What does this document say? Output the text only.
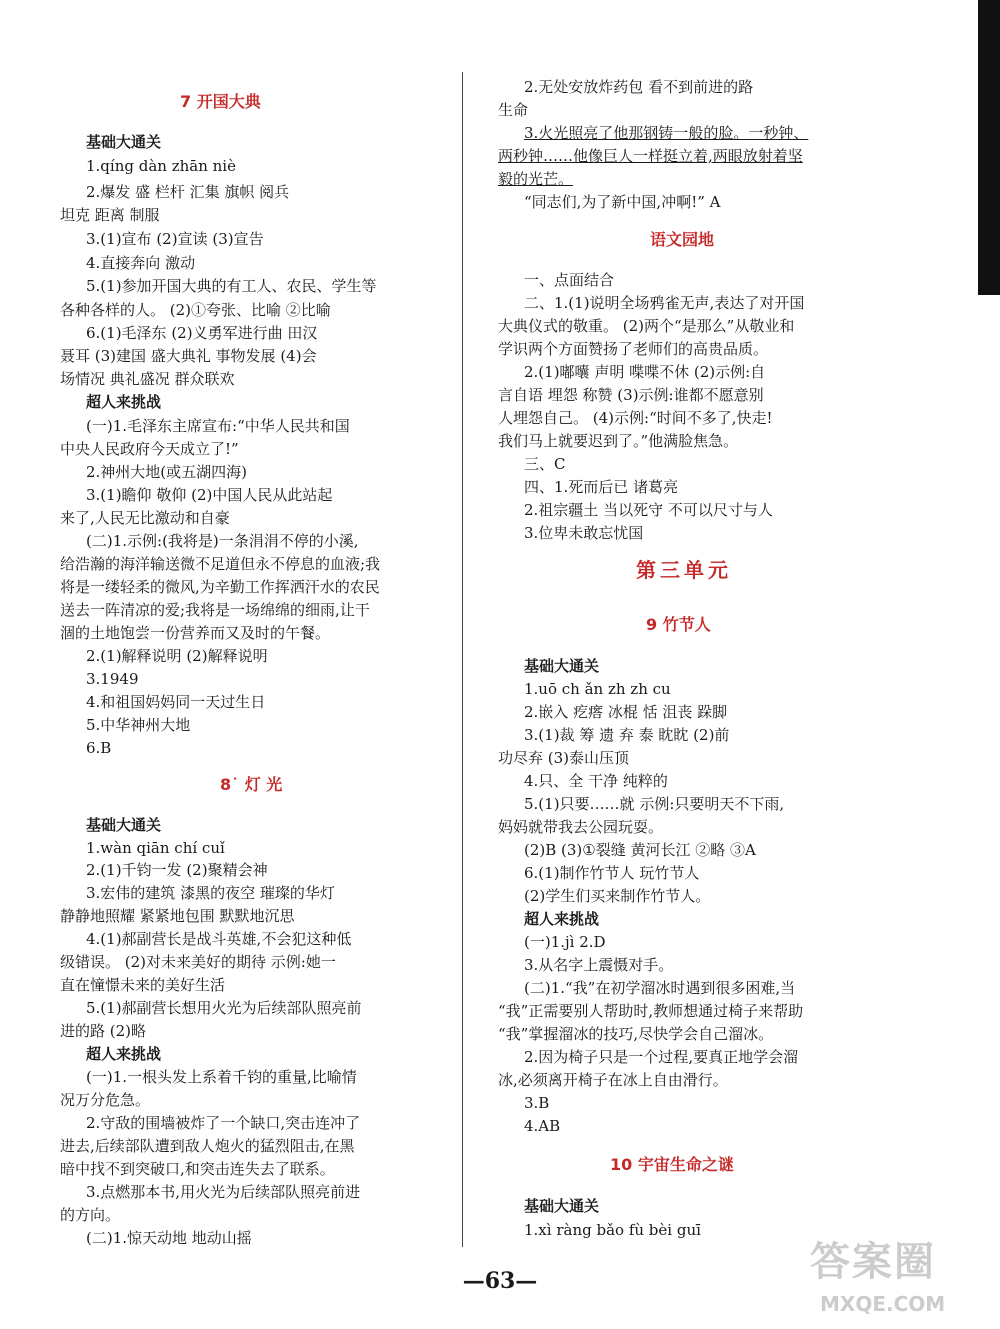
7 开国大典
基础大通关
1.qíng dàn zhān niè
2.爆发 盛 栏杆 汇集 旗帜 阅兵
坦克 距离 制服
3.(1)宣布 (2)宣读 (3)宣告
4.直接奔向 激动
5.(1)参加开国大典的有工人、农民、学生等
各种各样的人。 (2)①夸张、比喻 ②比喻
6.(1)毛泽东 (2)义勇军进行曲 田汉
聂耳 (3)建国 盛大典礼 事物发展 (4)会
场情况 典礼盛况 群众联欢
超人来挑战
(一)1.毛泽东主席宣布:“中华人民共和国
中央人民政府今天成立了!”
2.神州大地(或五湖四海)
3.(1)瞻仰 敬仰 (2)中国人民从此站起
来了,人民无比激动和自豪
(二)1.示例:(我将是)一条涓涓不停的小溪,
给浩瀚的海洋输送微不足道但永不停息的血液;我
将是一缕轻柔的微风,为辛勤工作挥洒汗水的农民
送去一阵清凉的爱;我将是一场绵绵的细雨,让干
涸的土地饱尝一份营养而又及时的午餐。
2.(1)解释说明 (2)解释说明
3.1949
4.和祖国妈妈同一天过生日
5.中华神州大地
6.B
8˙ 灯 光
基础大通关
1.wàn qiān chí cuǐ
2.(1)千钧一发 (2)聚精会神
3.宏伟的建筑 漆黑的夜空 璀璨的华灯
静静地照耀 紧紧地包围 默默地沉思
4.(1)郝副营长是战斗英雄,不会犯这种低
级错误。 (2)对未来美好的期待 示例:她一
直在憧憬未来的美好生活
5.(1)郝副营长想用火光为后续部队照亮前
进的路 (2)略
超人来挑战
(一)1.一根头发上系着千钧的重量,比喻情
况万分危急。
2.守敌的围墙被炸了一个缺口,突击连冲了
进去,后续部队遭到敌人炮火的猛烈阻击,在黑
暗中找不到突破口,和突击连失去了联系。
3.点燃那本书,用火光为后续部队照亮前进
的方向。
(二)1.惊天动地 地动山摇
2.无处安放炸药包 看不到前进的路
生命
3.火光照亮了他那钢铸一般的脸。一秒钟、
两秒钟……他像巨人一样挺立着,两眼放射着坚
毅的光芒。
“同志们,为了新中国,冲啊!” A
语文园地
一、点面结合
二、1.(1)说明全场鸦雀无声,表达了对开国
大典仪式的敬重。 (2)两个“是那么”从敬业和
学识两个方面赞扬了老师们的高贵品质。
2.(1)嘟囔 声明 喋喋不休 (2)示例:自
言自语 埋怨 称赞 (3)示例:谁都不愿意别
人埋怨自己。 (4)示例:“时间不多了,快走!
我们马上就要迟到了。”他满脸焦急。
三、C
四、1.死而后已 诸葛亮
2.祖宗疆土 当以死守 不可以尺寸与人
3.位卑未敢忘忧国
第三单元
9 竹节人
基础大通关
1.uō ch ǎn zh zh cu
2.嵌入 疙瘩 冰棍 恬 沮丧 跺脚
3.(1)裁 筹 遗 弃 泰 眈眈 (2)前
功尽弃 (3)泰山压顶
4.只、全 干净 纯粹的
5.(1)只要……就 示例:只要明天不下雨,
妈妈就带我去公园玩耍。
(2)B (3)①裂缝 黄河长江 ②略 ③A
6.(1)制作竹节人 玩竹节人
(2)学生们买来制作竹节人。
超人来挑战
(一)1.jì 2.D
3.从名字上震慑对手。
(二)1.“我”在初学溜冰时遇到很多困难,当
“我”正需要别人帮助时,教师想通过椅子来帮助
“我”掌握溜冰的技巧,尽快学会自己溜冰。
2.因为椅子只是一个过程,要真正地学会溜
冰,必须离开椅子在冰上自由滑行。
3.B
4.AB
10 宇宙生命之谜
基础大通关
1.xì ràng bǎo fù bèi guī
—63—	答案圈
MXQE.COM
